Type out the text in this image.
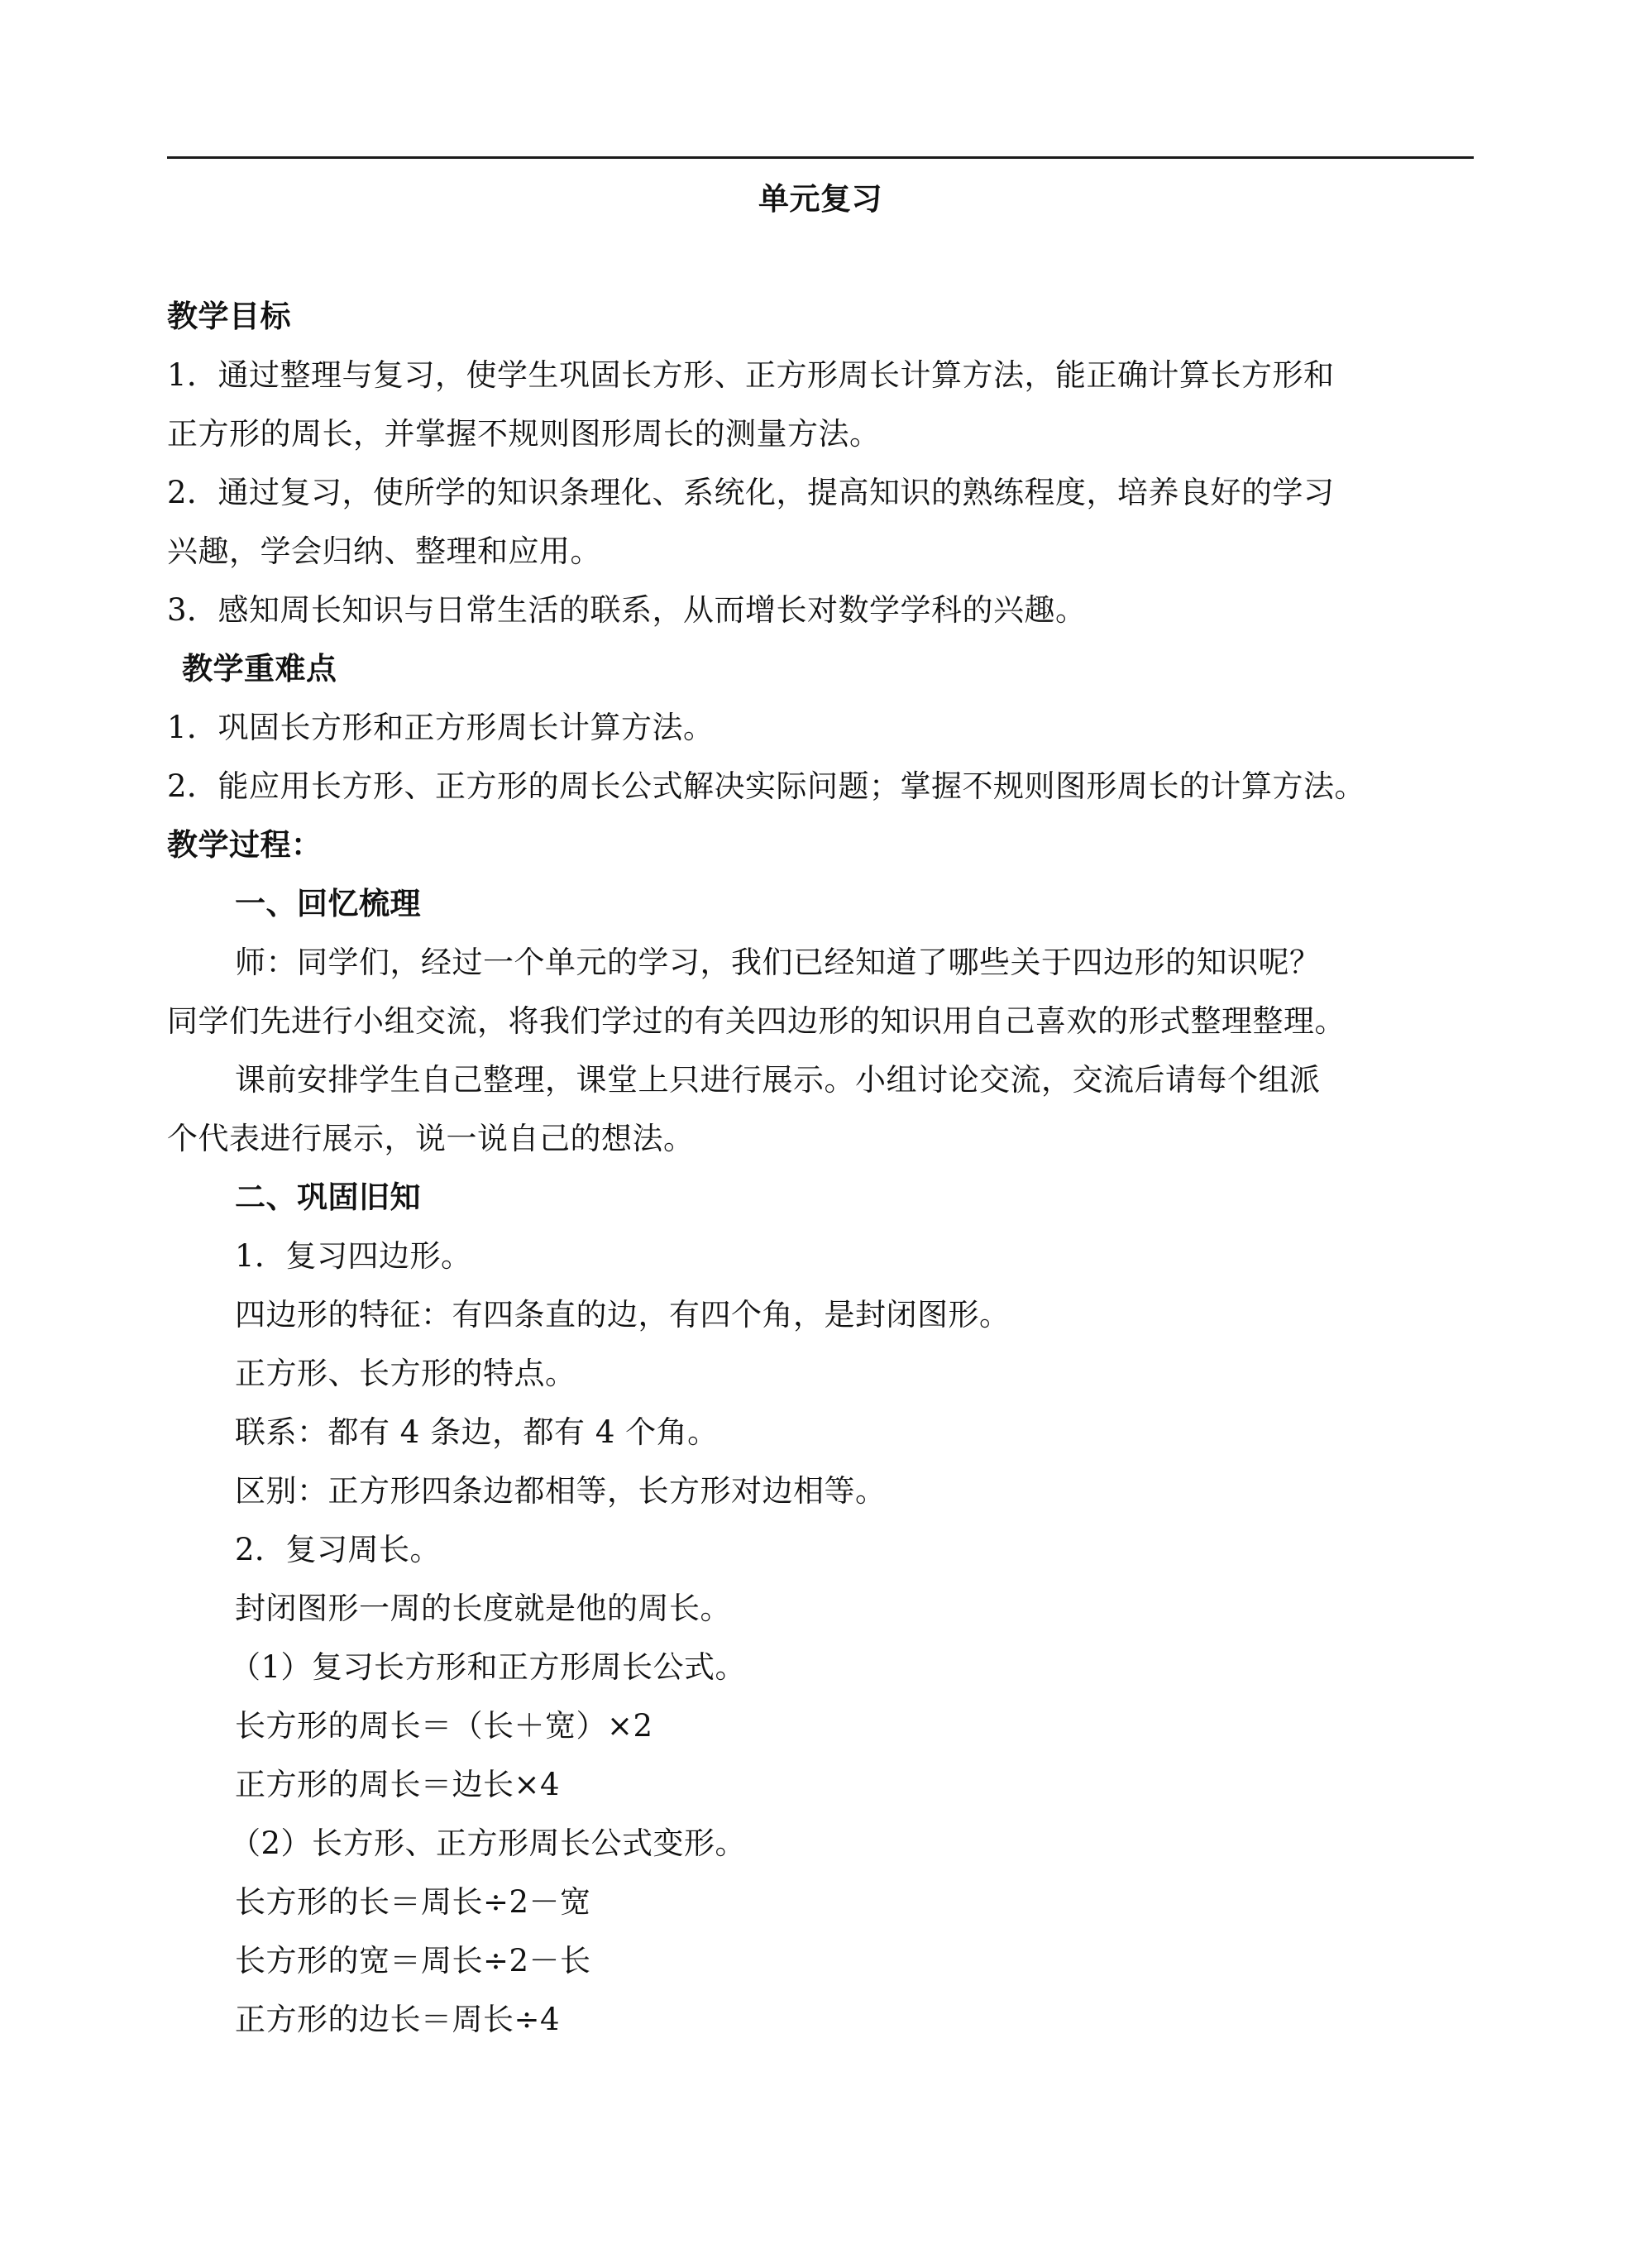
单元复习
教学目标
1．通过整理与复习，使学生巩固长方形、正方形周长计算方法，能正确计算长方形和
正方形的周长，并掌握不规则图形周长的测量方法。
2．通过复习，使所学的知识条理化、系统化，提高知识的熟练程度，培养良好的学习
兴趣，学会归纳、整理和应用。
3．感知周长知识与日常生活的联系，从而增长对数学学科的兴趣。
教学重难点
1．巩固长方形和正方形周长计算方法。
2．能应用长方形、正方形的周长公式解决实际问题；掌握不规则图形周长的计算方法。
教学过程：
一、回忆梳理
师：同学们，经过一个单元的学习，我们已经知道了哪些关于四边形的知识呢？
同学们先进行小组交流，将我们学过的有关四边形的知识用自己喜欢的形式整理整理。
课前安排学生自己整理，课堂上只进行展示。小组讨论交流，交流后请每个组派
个代表进行展示，说一说自己的想法。
二、巩固旧知
1．复习四边形。
四边形的特征：有四条直的边，有四个角，是封闭图形。
正方形、长方形的特点。
联系：都有 4 条边，都有 4 个角。
区别：正方形四条边都相等，长方形对边相等。
2．复习周长。
封闭图形一周的长度就是他的周长。
（1）复习长方形和正方形周长公式。
长方形的周长＝（长＋宽）×2
正方形的周长＝边长×4
（2）长方形、正方形周长公式变形。
长方形的长＝周长÷2－宽
长方形的宽＝周长÷2－长
正方形的边长＝周长÷4
